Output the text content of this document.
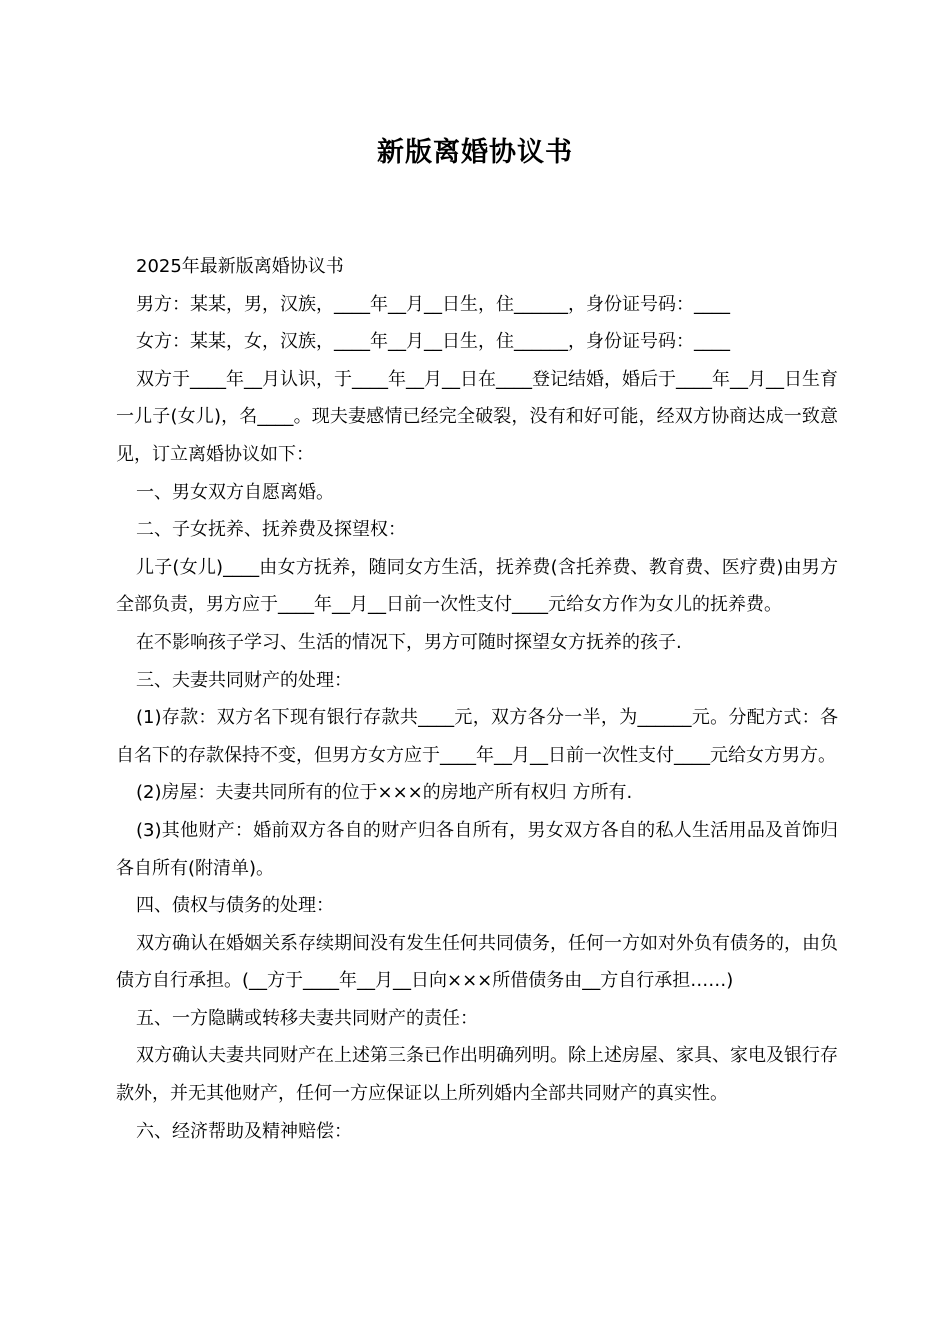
新版离婚协议书

2025年最新版离婚协议书

男方：某某，男，汉族，____年__月__日生，住______，身份证号码：____

女方：某某，女，汉族，____年__月__日生，住______，身份证号码：____

双方于____年__月认识，于____年__月__日在____登记结婚，婚后于____年__月__日生育一儿子(女儿)，名____。现夫妻感情已经完全破裂，没有和好可能，经双方协商达成一致意见，订立离婚协议如下：

一、男女双方自愿离婚。

二、子女抚养、抚养费及探望权：

儿子(女儿)____由女方抚养，随同女方生活，抚养费(含托养费、教育费、医疗费)由男方全部负责，男方应于____年__月__日前一次性支付____元给女方作为女儿的抚养费。

在不影响孩子学习、生活的情况下，男方可随时探望女方抚养的孩子.

三、夫妻共同财产的处理：

(1)存款：双方名下现有银行存款共____元，双方各分一半，为______元。分配方式：各自名下的存款保持不变，但男方女方应于____年__月__日前一次性支付____元给女方男方。

(2)房屋：夫妻共同所有的位于×××的房地产所有权归 方所有.

(3)其他财产：婚前双方各自的财产归各自所有，男女双方各自的私人生活用品及首饰归各自所有(附清单)。

四、债权与债务的处理：

双方确认在婚姻关系存续期间没有发生任何共同债务，任何一方如对外负有债务的，由负债方自行承担。(__方于____年__月__日向×××所借债务由__方自行承担……)

五、一方隐瞒或转移夫妻共同财产的责任：

双方确认夫妻共同财产在上述第三条已作出明确列明。除上述房屋、家具、家电及银行存款外，并无其他财产，任何一方应保证以上所列婚内全部共同财产的真实性。

六、经济帮助及精神赔偿：
